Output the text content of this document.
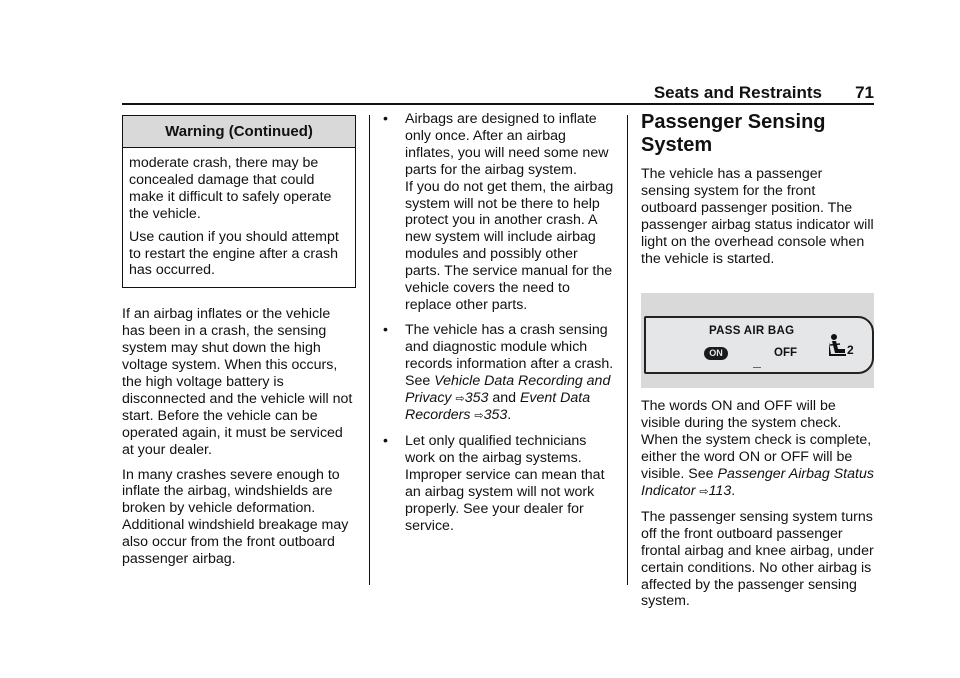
Seats and Restraints 71
Warning (Continued)

moderate crash, there may be concealed damage that could make it difficult to safely operate the vehicle.

Use caution if you should attempt to restart the engine after a crash has occurred.

If an airbag inflates or the vehicle has been in a crash, the sensing system may shut down the high voltage system. When this occurs, the high voltage battery is disconnected and the vehicle will not start. Before the vehicle can be operated again, it must be serviced at your dealer.

In many crashes severe enough to inflate the airbag, windshields are broken by vehicle deformation. Additional windshield breakage may also occur from the front outboard passenger airbag.

• Airbags are designed to inflate only once. After an airbag inflates, you will need some new parts for the airbag system.
If you do not get them, the airbag system will not be there to help protect you in another crash. A new system will include airbag modules and possibly other parts. The service manual for the vehicle covers the need to replace other parts.
• The vehicle has a crash sensing and diagnostic module which records information after a crash.
See Vehicle Data Recording and Privacy ⇨353 and Event Data Recorders ⇨353.
• Let only qualified technicians work on the airbag systems. Improper service can mean that an airbag system will not work properly. See your dealer for service.
Passenger Sensing System

The vehicle has a passenger sensing system for the front outboard passenger position. The passenger airbag status indicator will light on the overhead console when the vehicle is started.

PASS AIR BAG
ON	OFF	2

The words ON and OFF will be visible during the system check. When the system check is complete, either the word ON or OFF will be visible. See Passenger Airbag Status Indicator ⇨113.

The passenger sensing system turns off the front outboard passenger frontal airbag and knee airbag, under certain conditions. No other airbag is affected by the passenger sensing system.
